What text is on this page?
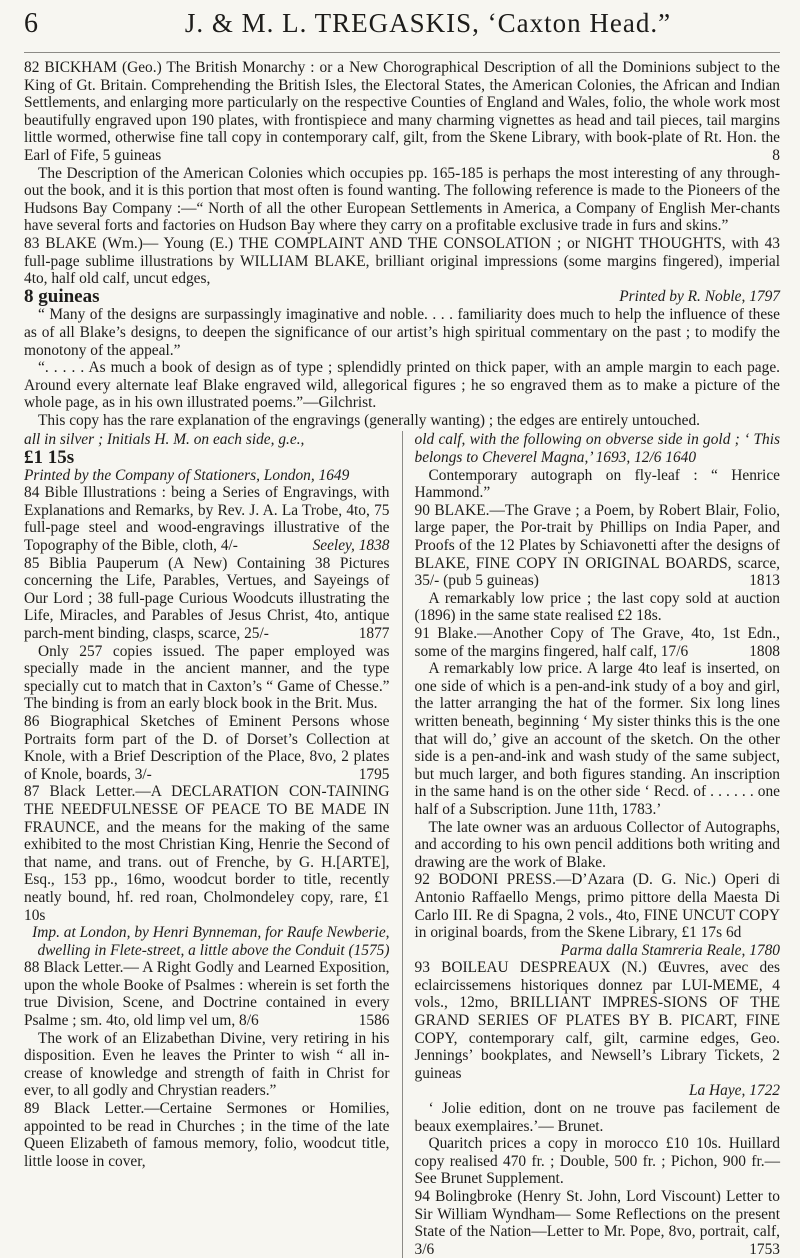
6	J. & M. L. TREGASKIS, ‘Caxton Head.”

82 BICKHAM (Geo.) The British Monarchy : or a New Chorographical Description of all the Dominions subject to the King of Gt. Britain. Comprehending the British Isles, the Electoral States, the American Colonies, the African and Indian Settlements, and enlarging more particularly on the respective Counties of England and Wales, folio, the whole work most beautifully engraved upon 190 plates, with frontispiece and many charming vignettes as head and tail pieces, tail margins little wormed, otherwise fine tall copy in contemporary calf, gilt, from the Skene Library, with book-plate of Rt. Hon. the Earl of Fife, 5 guineas	8

The Description of the American Colonies which occupies pp. 165-185 is perhaps the most interesting of any through-out the book, and it is this portion that most often is found wanting. The following reference is made to the Pioneers of the Hudsons Bay Company :—“ North of all the other European Settlements in America, a Company of English Mer-chants have several forts and factories on Hudson Bay where they carry on a profitable exclusive trade in furs and skins.”

83 BLAKE (Wm.)— Young (E.) THE COMPLAINT AND THE CONSOLATION ; or NIGHT THOUGHTS, with 43 full-page sublime illustrations by WILLIAM BLAKE, brilliant original impressions (some margins fingered), imperial 4to, half old calf, uncut edges,

8 guineas	Printed by R. Noble, 1797

“ Many of the designs are surpassingly imaginative and noble. . . . familiarity does much to help the influence of these as of all Blake’s designs, to deepen the significance of our artist’s high spiritual commentary on the past ; to modify the monotony of the appeal.”

“. . . . . As much a book of design as of type ; splendidly printed on thick paper, with an ample margin to each page. Around every alternate leaf Blake engraved wild, allegorical figures ; he so engraved them as to make a picture of the whole page, as in his own illustrated poems.”—Gilchrist.

This copy has the rare explanation of the engravings (generally wanting) ; the edges are entirely untouched.

all in silver ; Initials H. M. on each side, g.e.,

£1 15s

Printed by the Company of Stationers, London, 1649

84 Bible Illustrations : being a Series of Engravings, with Explanations and Remarks, by Rev. J. A. La Trobe, 4to, 75 full-page steel and wood-engravings illustrative of the Topography of the Bible, cloth, 4/-	Seeley, 1838

85 Biblia Pauperum (A New) Containing 38 Pictures concerning the Life, Parables, Vertues, and Sayeings of Our Lord ; 38 full-page Curious Woodcuts illustrating the Life, Miracles, and Parables of Jesus Christ, 4to, antique parch-ment binding, clasps, scarce, 25/-	1877

Only 257 copies issued. The paper employed was specially made in the ancient manner, and the type specially cut to match that in Caxton’s “ Game of Chesse.” The binding is from an early block book in the Brit. Mus.

86 Biographical Sketches of Eminent Persons whose Portraits form part of the D. of Dorset’s Collection at Knole, with a Brief Description of the Place, 8vo, 2 plates of Knole, boards, 3/-	1795

87 Black Letter.—A DECLARATION CON-TAINING THE NEEDFULNESSE OF PEACE TO BE MADE IN FRAUNCE, and the means for the making of the same exhibited to the most Christian King, Henrie the Second of that name, and trans. out of Frenche, by G. H.[ARTE], Esq., 153 pp., 16mo, woodcut border to title, recently neatly bound, hf. red roan, Cholmondeley copy, rare, £1 10s

Imp. at London, by Henri Bynneman, for Raufe Newberie, dwelling in Flete-street, a little above the Conduit (1575)

88 Black Letter.— A Right Godly and Learned Exposition, upon the whole Booke of Psalmes : wherein is set forth the true Division, Scene, and Doctrine contained in every Psalme ; sm. 4to, old limp vel um, 8/6	1586

The work of an Elizabethan Divine, very retiring in his disposition. Even he leaves the Printer to wish “ all in-crease of knowledge and strength of faith in Christ for ever, to all godly and Chrystian readers.”

89 Black Letter.—Certaine Sermones or Homilies, appointed to be read in Churches ; in the time of the late Queen Elizabeth of famous memory, folio, woodcut title, little loose in cover,

old calf, with the following on obverse side in gold ; ‘ This belongs to Cheverel Magna,’ 1693, 12/6 1640

Contemporary autograph on fly-leaf : “ Henrice Hammond.”

90 BLAKE.—The Grave ; a Poem, by Robert Blair, Folio, large paper, the Por-trait by Phillips on India Paper, and Proofs of the 12 Plates by Schiavonetti after the designs of BLAKE, FINE COPY IN ORIGINAL BOARDS, scarce, 35/- (pub 5 guineas)	1813

A remarkably low price ; the last copy sold at auction (1896) in the same state realised £2 18s.

91 Blake.—Another Copy of The Grave, 4to, 1st Edn., some of the margins fingered, half calf, 17/6	1808

A remarkably low price. A large 4to leaf is inserted, on one side of which is a pen-and-ink study of a boy and girl, the latter arranging the hat of the former. Six long lines written beneath, beginning ‘ My sister thinks this is the one that will do,’ give an account of the sketch. On the other side is a pen-and-ink and wash study of the same subject, but much larger, and both figures standing. An inscription in the same hand is on the other side ‘ Recd. of . . . . . . one half of a Subscription. June 11th, 1783.’

The late owner was an arduous Collector of Autographs, and according to his own pencil additions both writing and drawing are the work of Blake.

92 BODONI PRESS.—D’Azara (D. G. Nic.) Operi di Antonio Raffaello Mengs, primo pittore della Maesta Di Carlo III. Re di Spagna, 2 vols., 4to, FINE UNCUT COPY in original boards, from the Skene Library, £1 17s 6d

Parma dalla Stamreria Reale, 1780

93 BOILEAU DESPREAUX (N.) Œuvres, avec des eclaircissemens historiques donnez par LUI-MEME, 4 vols., 12mo, BRILLIANT IMPRES-SIONS OF THE GRAND SERIES OF PLATES BY B. PICART, FINE COPY, contemporary calf, gilt, carmine edges, Geo. Jennings’ bookplates, and Newsell’s Library Tickets, 2 guineas

La Haye, 1722

‘ Jolie edition, dont on ne trouve pas facilement de beaux exemplaires.’— Brunet.

Quaritch prices a copy in morocco £10 10s. Huillard copy realised 470 fr. ; Double, 500 fr. ; Pichon, 900 fr.— See Brunet Supplement.

94 Bolingbroke (Henry St. John, Lord Viscount) Letter to Sir William Wyndham— Some Reflections on the present State of the Nation—Letter to Mr. Pope, 8vo, portrait, calf, 3/6	1753
